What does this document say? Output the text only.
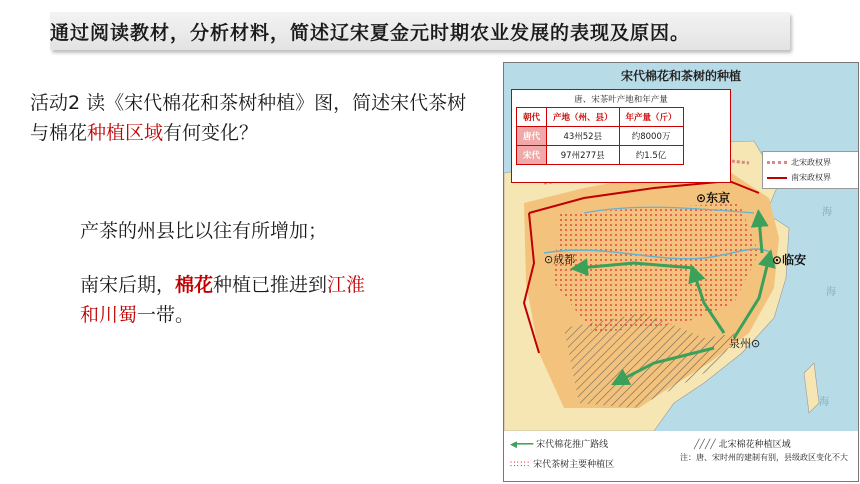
通过阅读教材，分析材料，简述辽宋夏金元时期农业发展的表现及原因。
活动2 读《宋代棉花和茶树种植》图，简述宋代茶树与棉花种植区域有何变化？

产茶的州县比以往有所增加；

南宋后期，棉花种植已推进到江淮
和川蜀一带。

宋代棉花和茶树的种植
唐、宋茶叶产地和年产量
朝代	产地（州、县）	年产量（斤）
唐代	43州52县	约8000万
宋代	97州277县	约1.5亿
北宋政权界
南宋政权界
⊙东京
⊙临安
⊙成都
泉州⊙
海
海
海
◀━━━ 宋代棉花推广路线	╱╱╱╱ 北宋棉花种植区域
∷∷∷ 宋代茶树主要种植区
注：唐、宋时州的建制有别，县级政区变化不大
